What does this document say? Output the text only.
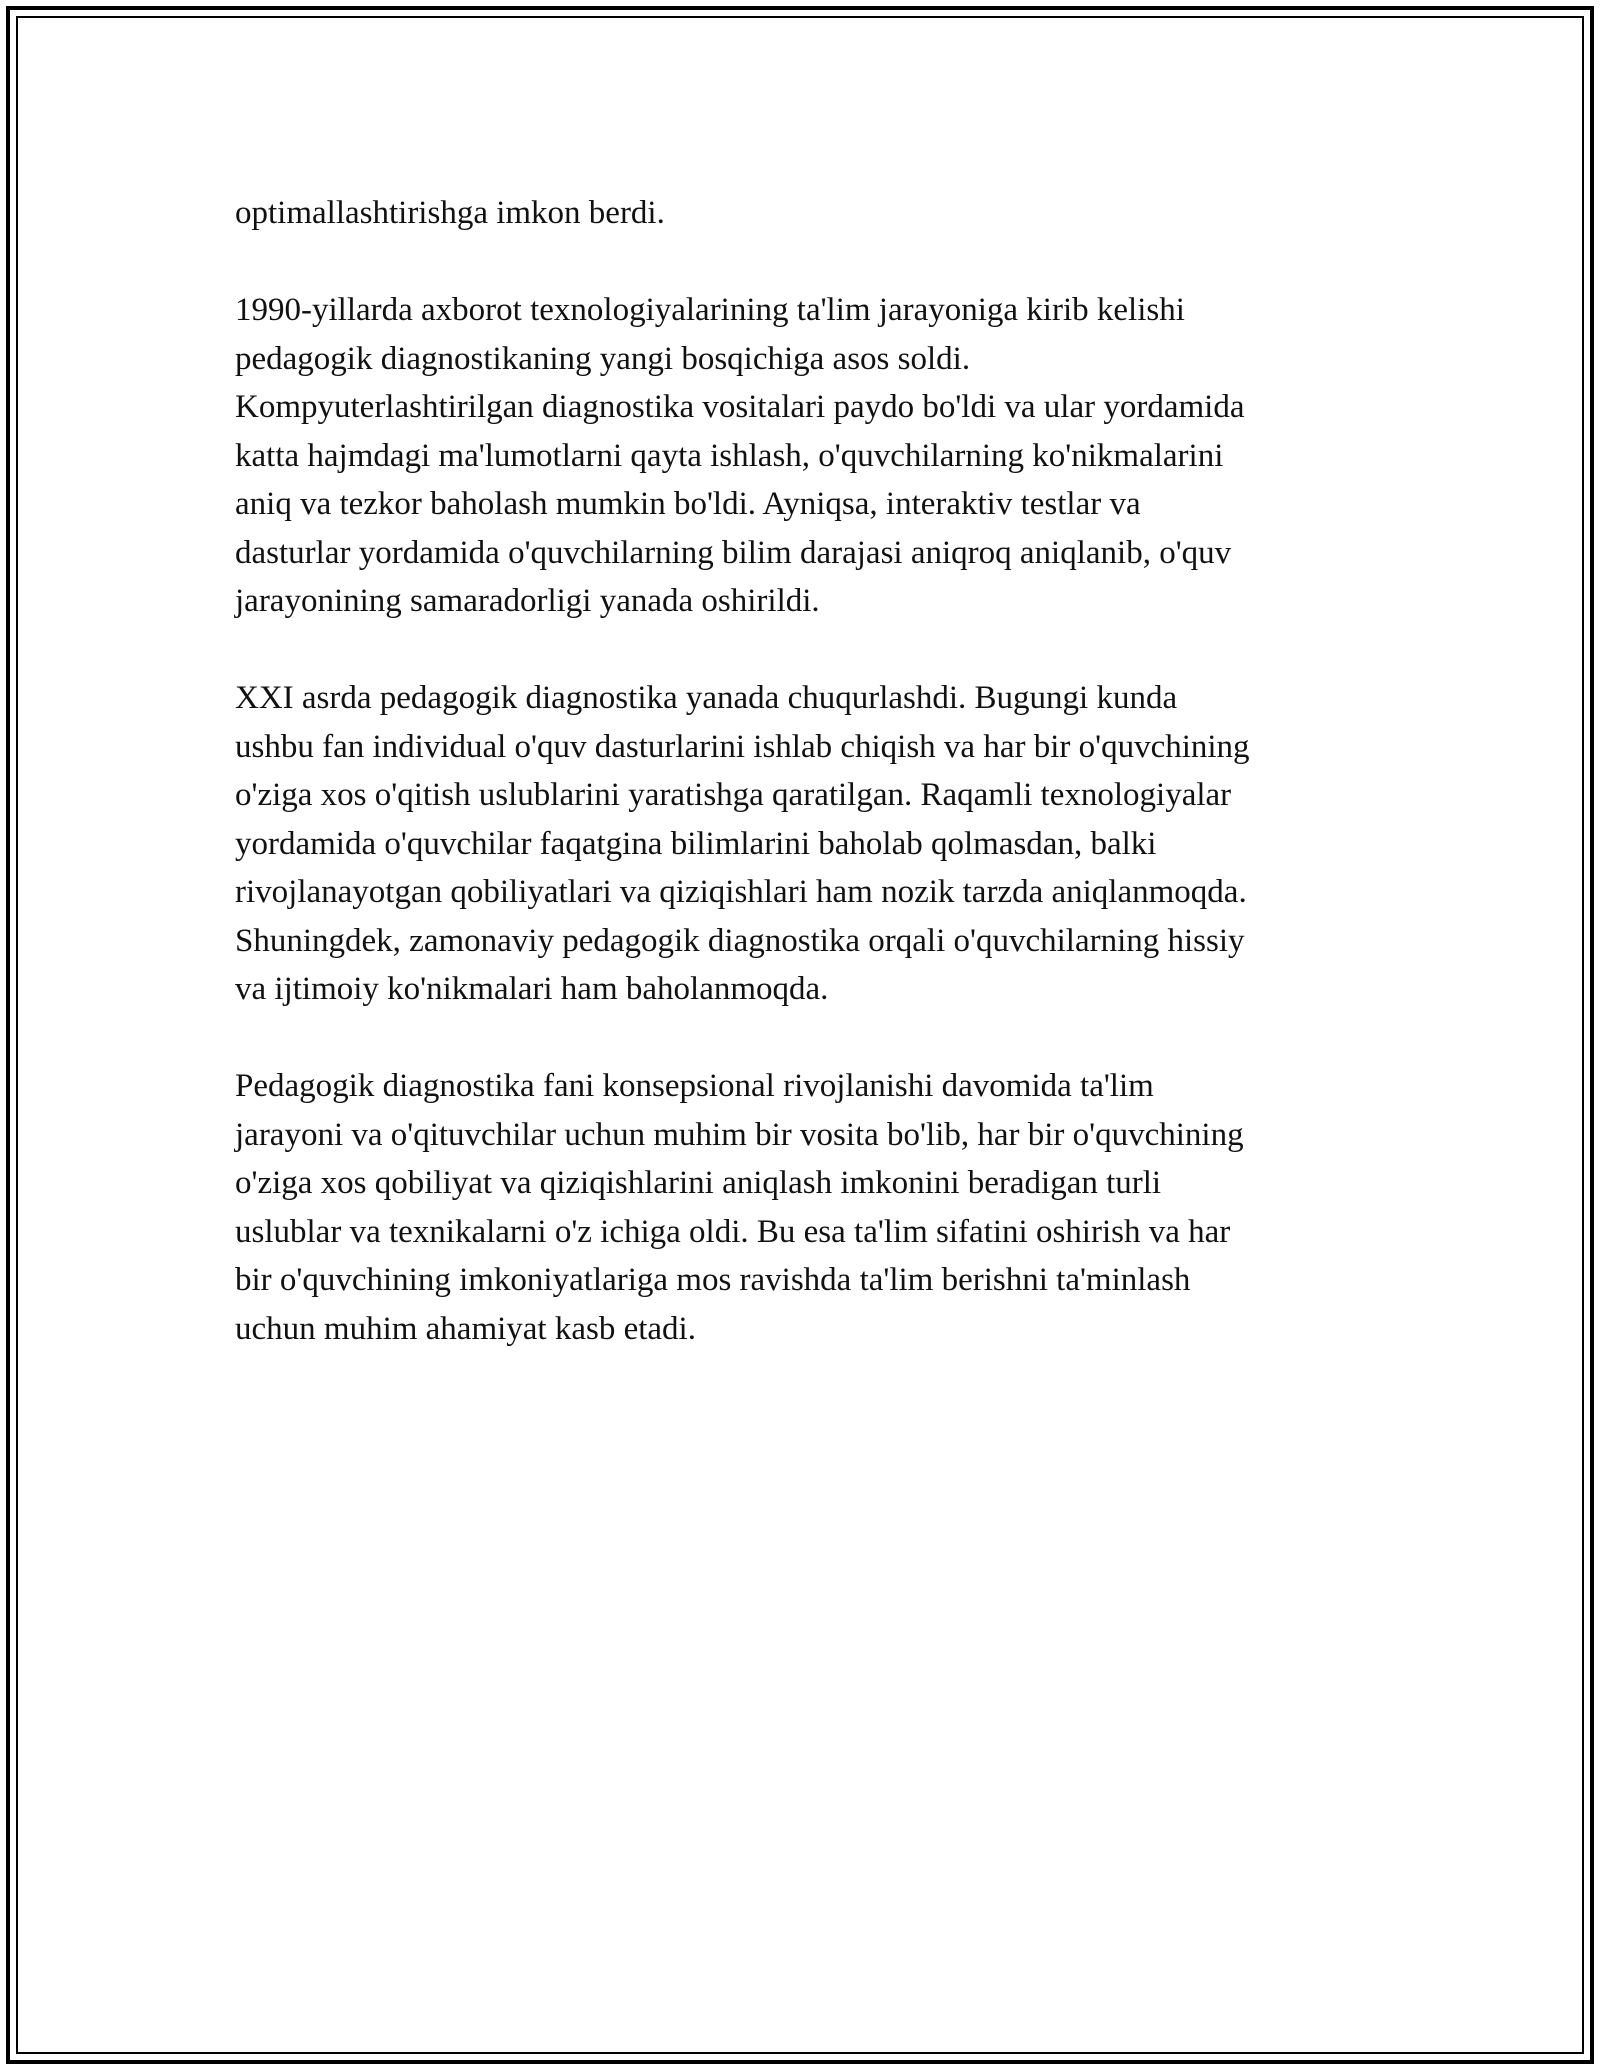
optimallashtirishga imkon berdi.

1990-yillarda axborot texnologiyalarining ta'lim jarayoniga kirib kelishi
pedagogik diagnostikaning yangi bosqichiga asos soldi.
Kompyuterlashtirilgan diagnostika vositalari paydo bo'ldi va ular yordamida
katta hajmdagi ma'lumotlarni qayta ishlash, o'quvchilarning ko'nikmalarini
aniq va tezkor baholash mumkin bo'ldi. Ayniqsa, interaktiv testlar va
dasturlar yordamida o'quvchilarning bilim darajasi aniqroq aniqlanib, o'quv
jarayonining samaradorligi yanada oshirildi.

XXI asrda pedagogik diagnostika yanada chuqurlashdi. Bugungi kunda
ushbu fan individual o'quv dasturlarini ishlab chiqish va har bir o'quvchining
o'ziga xos o'qitish uslublarini yaratishga qaratilgan. Raqamli texnologiyalar
yordamida o'quvchilar faqatgina bilimlarini baholab qolmasdan, balki
rivojlanayotgan qobiliyatlari va qiziqishlari ham nozik tarzda aniqlanmoqda.
Shuningdek, zamonaviy pedagogik diagnostika orqali o'quvchilarning hissiy
va ijtimoiy ko'nikmalari ham baholanmoqda.

Pedagogik diagnostika fani konsepsional rivojlanishi davomida ta'lim
jarayoni va o'qituvchilar uchun muhim bir vosita bo'lib, har bir o'quvchining
o'ziga xos qobiliyat va qiziqishlarini aniqlash imkonini beradigan turli
uslublar va texnikalarni o'z ichiga oldi. Bu esa ta'lim sifatini oshirish va har
bir o'quvchining imkoniyatlariga mos ravishda ta'lim berishni ta'minlash
uchun muhim ahamiyat kasb etadi.
